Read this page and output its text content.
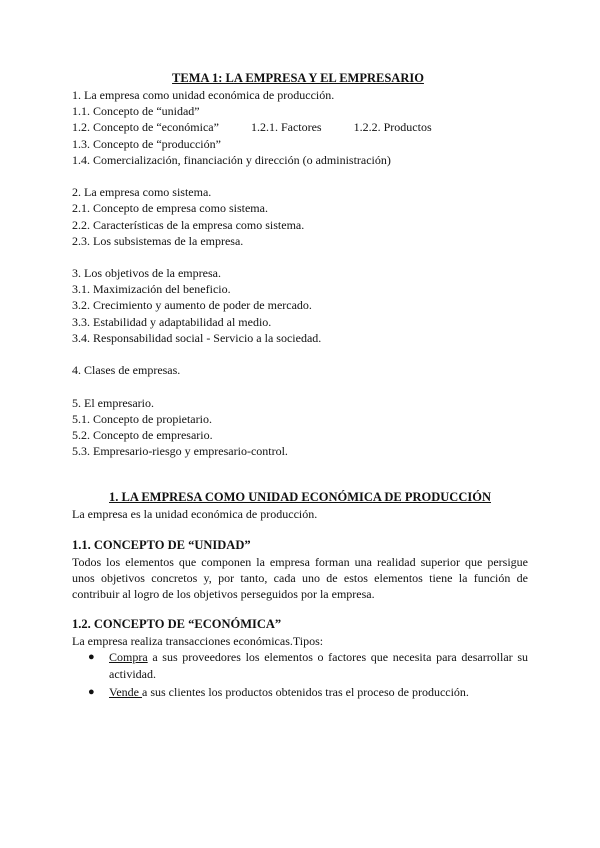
TEMA 1: LA EMPRESA Y EL EMPRESARIO
1. La empresa como unidad económica de producción.
1.1. Concepto de “unidad”
1.2. Concepto de “económica”	1.2.1. Factores	1.2.2. Productos
1.3. Concepto de “producción”
1.4. Comercialización, financiación y dirección (o administración)
2. La empresa como sistema.
2.1. Concepto de empresa como sistema.
2.2. Características de la empresa como sistema.
2.3. Los subsistemas de la empresa.
3. Los objetivos de la empresa.
3.1. Maximización del beneficio.
3.2. Crecimiento y aumento de poder de mercado.
3.3. Estabilidad y adaptabilidad al medio.
3.4. Responsabilidad social - Servicio a la sociedad.
4. Clases de empresas.
5. El empresario.
5.1. Concepto de propietario.
5.2. Concepto de empresario.
5.3. Empresario-riesgo y empresario-control.
1. LA EMPRESA COMO UNIDAD ECONÓMICA DE PRODUCCIÓN

La empresa es la unidad económica de producción.

1.1. CONCEPTO DE “UNIDAD”

Todos los elementos que componen la empresa forman una realidad superior que persigue unos objetivos concretos y, por tanto, cada uno de estos elementos tiene la función de contribuir al logro de los objetivos perseguidos por la empresa.

1.2. CONCEPTO DE “ECONÓMICA”

La empresa realiza transacciones económicas.Tipos:

● Compra a sus proveedores los elementos o factores que necesita para desarrollar su actividad.
● Vende a sus clientes los productos obtenidos tras el proceso de producción.
